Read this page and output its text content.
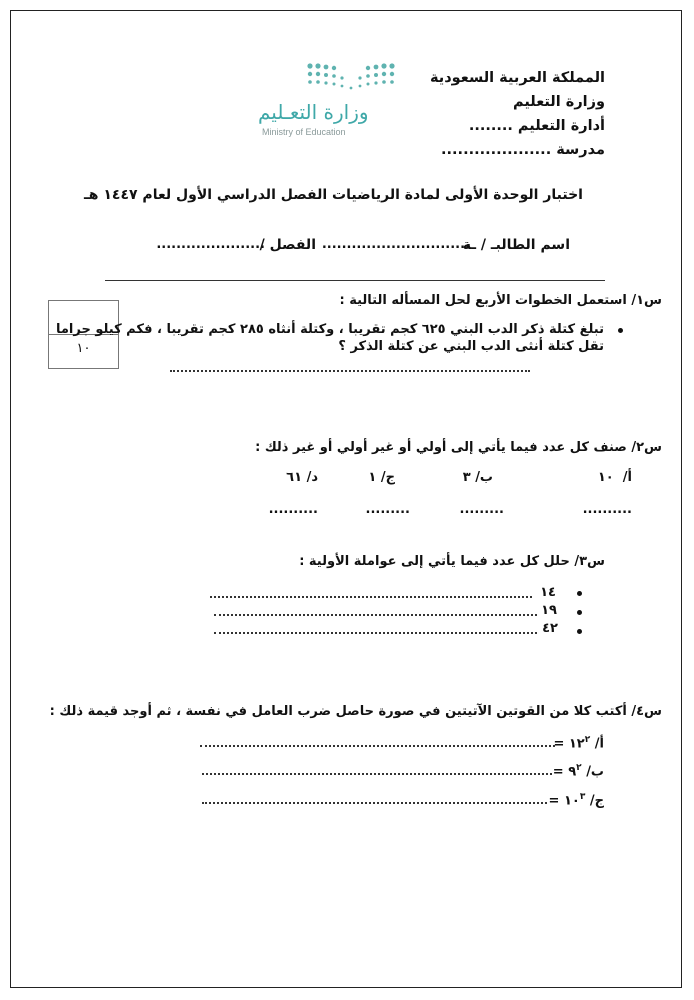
وزارة التعـليم
Ministry of Education
المملكة العربية السعودية
وزارة التعليم
أدارة التعليم ........
مدرسة ....................
اختبار الوحدة الأولى لمادة الرياضيات الفصل الدراسي الأول لعام ١٤٤٧ هـ
اسم الطالبـ / ـة
..............................
الفصل /
......................
١٠
س١/ استعمل الخطوات الأربع لحل المسأله التالية :
تبلغ كتلة ذكر الدب البني ٦٢٥ كجم تقريبا ، وكتلة أنثاه ٢٨٥ كجم تقريبا ، فكم كيلو جراما
تقل كتلة أنثى الدب البني عن كتلة الذكر ؟
س٢/ صنف كل عدد فيما يأتي إلى أولي أو غير أولي أو غير ذلك :
أ/  ١٠
ب/ ٣
ج/ ١
د/ ٦١
..........
.........
.........
..........
س٣/ حلل كل عدد فيما يأتي إلى عواملة الأولية :
١٤
١٩
٤٢
س٤/ أكتب كلا من القوتين الآتيتين في صورة حاصل ضرب العامل في نفسة ، ثم أوجد قيمة ذلك :
أ/ $١٢^٢$ =
ب/ $٩^٢$ =
ج/ $١٠^٣$ =
